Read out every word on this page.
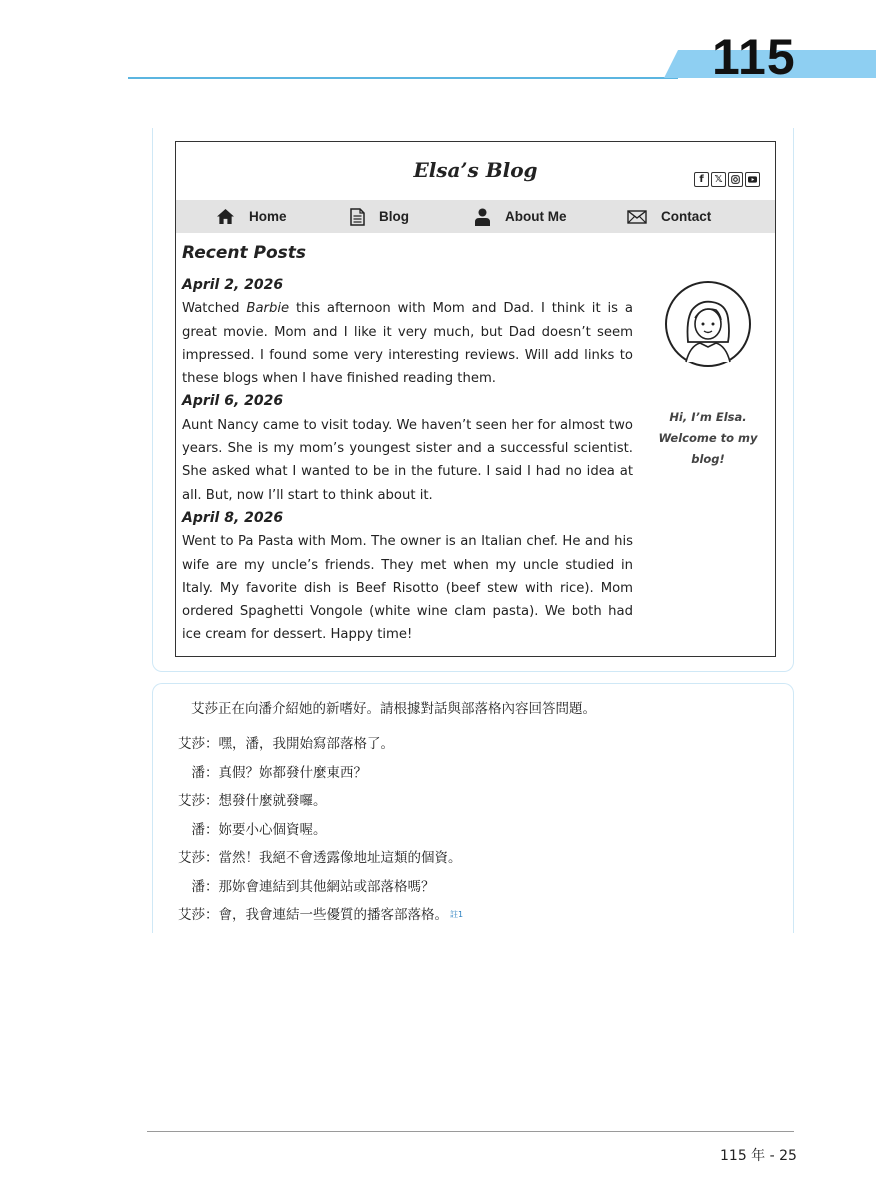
115
Elsa’s Blog	f	𝕏
Home	Blog	About Me	Contact
Recent Posts
April 2, 2026
Watched Barbie this afternoon with Mom and Dad. I think it is a great movie. Mom and I like it very much, but Dad doesn’t seem impressed. I found some very interesting reviews. Will add links to these blogs when I have finished reading them.
April 6, 2026
Aunt Nancy came to visit today. We haven’t seen her for almost two years. She is my mom’s youngest sister and a successful scientist. She asked what I wanted to be in the future. I said I had no idea at all. But, now I’ll start to think about it.
April 8, 2026
Went to Pa Pasta with Mom. The owner is an Italian chef. He and his wife are my uncle’s friends. They met when my uncle studied in Italy. My favorite dish is Beef Risotto (beef stew with rice). Mom ordered Spaghetti Vongole (white wine clam pasta). We both had ice cream for dessert. Happy time!
Hi, I’m Elsa.
Welcome to my
blog!
艾莎正在向潘介紹她的新嗜好。請根據對話與部落格內容回答問題。
艾莎 ： 嘿，潘，我開始寫部落格了。
潘 ： 真假？妳都發什麼東西？
艾莎 ： 想發什麼就發囉。
潘 ： 妳要小心個資喔。
艾莎 ： 當然！我絕不會透露像地址這類的個資。
潘 ： 那妳會連結到其他網站或部落格嗎？
艾莎 ： 會，我會連結一些優質的播客部落格。 註1
115 年 - 25
